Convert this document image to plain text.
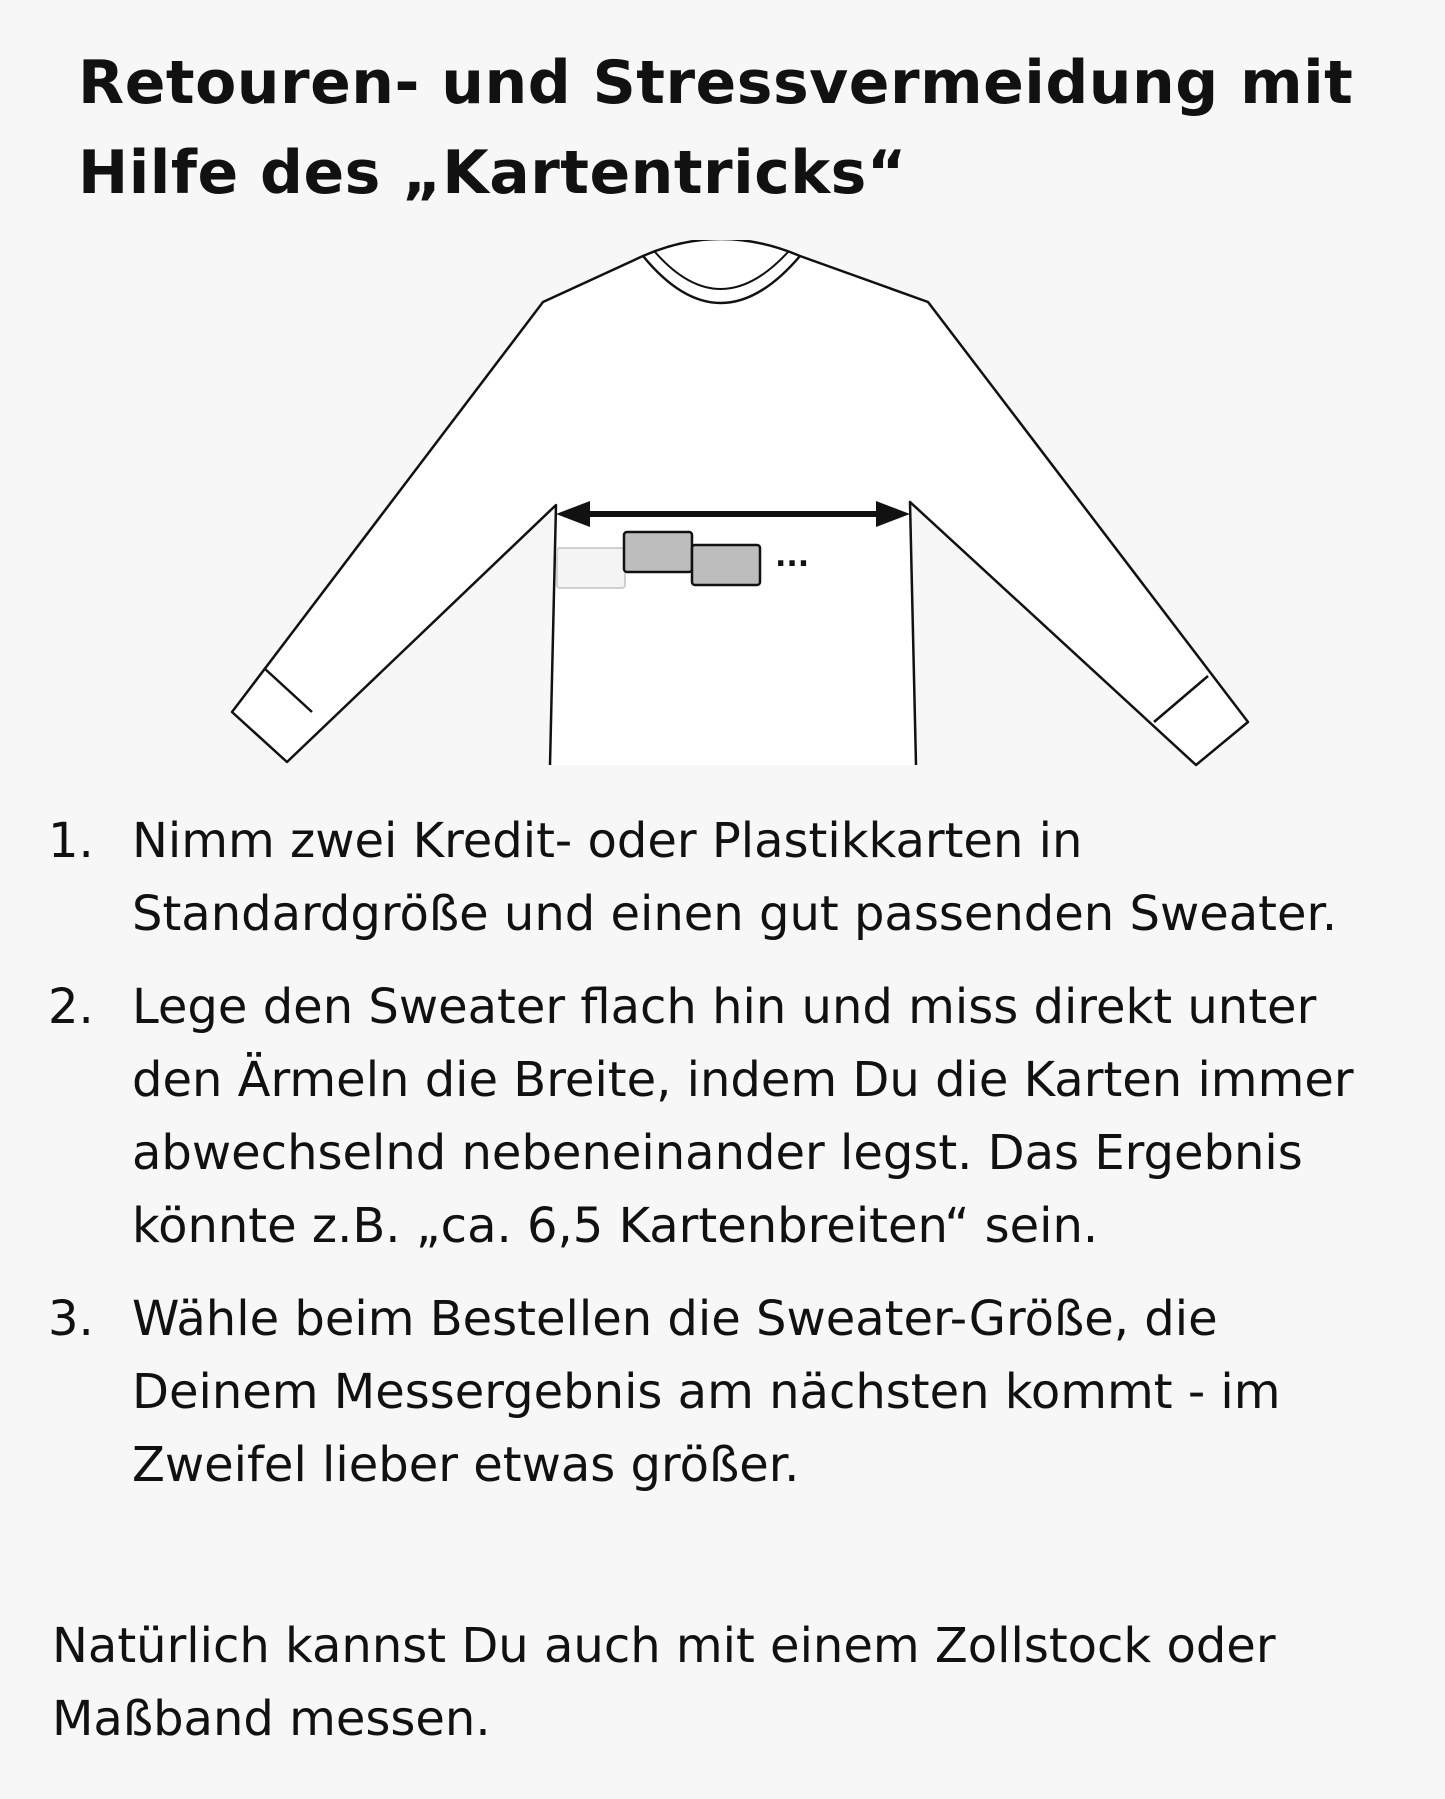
Retouren- und Stressvermeidung mit
Hilfe des „Kartentricks“
...
1. Nimm zwei Kredit- oder Plastikkarten in Standardgröße und einen gut passenden Sweater.
2. Lege den Sweater flach hin und miss direkt unter den Ärmeln die Breite, indem Du die Karten immer abwechselnd nebeneinander legst. Das Ergebnis könnte z.B. „ca. 6,5 Kartenbreiten“ sein.
3. Wähle beim Bestellen die Sweater-Größe, die Deinem Messergebnis am nächsten kommt - im Zweifel lieber etwas größer.

Natürlich kannst Du auch mit einem Zollstock oder Maßband messen.
